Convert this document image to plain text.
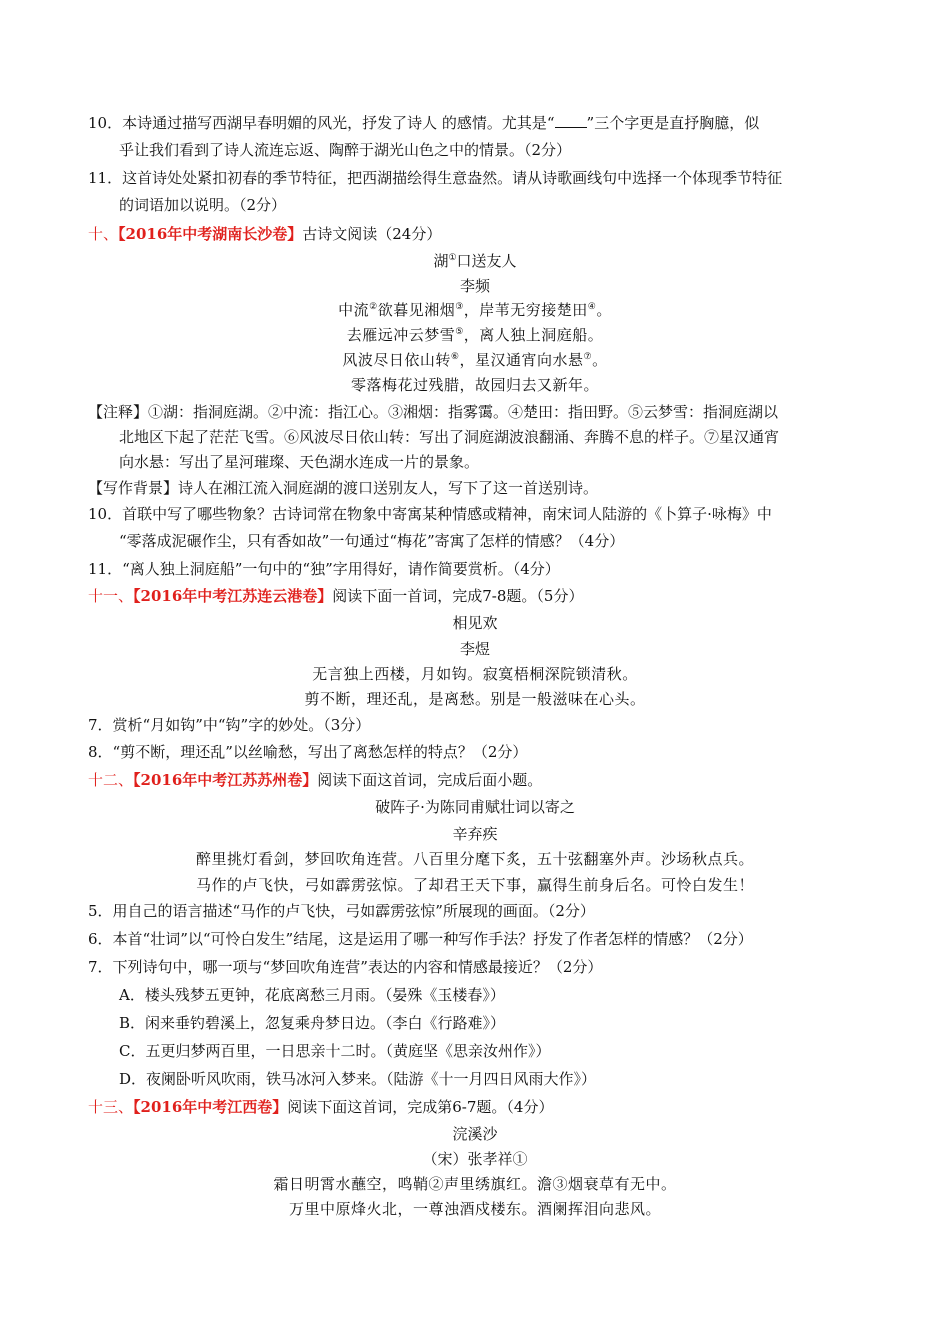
10．本诗通过描写西湖早春明媚的风光，抒发了诗人 的感情。尤其是“ ”三个字更是直抒胸臆，似
乎让我们看到了诗人流连忘返、陶醉于湖光山色之中的情景。（2分）
11．这首诗处处紧扣初春的季节特征，把西湖描绘得生意盎然。请从诗歌画线句中选择一个体现季节特征
的词语加以说明。（2分）
十、【2016年中考湖南长沙卷】古诗文阅读（24分）
湖①口送友人
李频
中流②欲暮见湘烟③，岸苇无穷接楚田④。
去雁远冲云梦雪⑤，离人独上洞庭船。
风波尽日依山转⑥，星汉通宵向水悬⑦。
零落梅花过残腊，故园归去又新年。
【注释】①湖：指洞庭湖。②中流：指江心。③湘烟：指雾霭。④楚田：指田野。⑤云梦雪：指洞庭湖以
北地区下起了茫茫飞雪。⑥风波尽日依山转：写出了洞庭湖波浪翻涌、奔腾不息的样子。⑦星汉通宵
向水悬：写出了星河璀璨、天色湖水连成一片的景象。
【写作背景】诗人在湘江流入洞庭湖的渡口送别友人，写下了这一首送别诗。
10．首联中写了哪些物象？古诗词常在物象中寄寓某种情感或精神，南宋词人陆游的《卜算子·咏梅》中
“零落成泥碾作尘，只有香如故”一句通过“梅花”寄寓了怎样的情感？（4分）
11．“离人独上洞庭船”一句中的“独”字用得好，请作简要赏析。（4分）
十一、【2016年中考江苏连云港卷】阅读下面一首词，完成7-8题。（5分）
相见欢
李煜
无言独上西楼，月如钩。寂寞梧桐深院锁清秋。
剪不断，理还乱，是离愁。别是一般滋味在心头。
7．赏析“月如钩”中“钩”字的妙处。（3分）
8．“剪不断，理还乱”以丝喻愁，写出了离愁怎样的特点？（2分）
十二、【2016年中考江苏苏州卷】阅读下面这首词，完成后面小题。
破阵子·为陈同甫赋壮词以寄之
辛弃疾
醉里挑灯看剑，梦回吹角连营。八百里分麾下炙，五十弦翻塞外声。沙场秋点兵。
马作的卢飞快，弓如霹雳弦惊。了却君王天下事，赢得生前身后名。可怜白发生！
5．用自己的语言描述“马作的卢飞快，弓如霹雳弦惊”所展现的画面。（2分）
6．本首“壮词”以“可怜白发生”结尾，这是运用了哪一种写作手法？抒发了作者怎样的情感？（2分）
7．下列诗句中，哪一项与“梦回吹角连营”表达的内容和情感最接近？（2分）
A．楼头残梦五更钟，花底离愁三月雨。（晏殊《玉楼春》）
B．闲来垂钓碧溪上，忽复乘舟梦日边。（李白《行路难》）
C．五更归梦两百里，一日思亲十二时。（黄庭坚《思亲汝州作》）
D．夜阑卧听风吹雨，铁马冰河入梦来。（陆游《十一月四日风雨大作》）
十三、【2016年中考江西卷】阅读下面这首词，完成第6-7题。（4分）
浣溪沙
（宋）张孝祥①
霜日明霄水蘸空，鸣鞘②声里绣旗红。澹③烟衰草有无中。
万里中原烽火北，一尊浊酒戍楼东。酒阑挥泪向悲风。
